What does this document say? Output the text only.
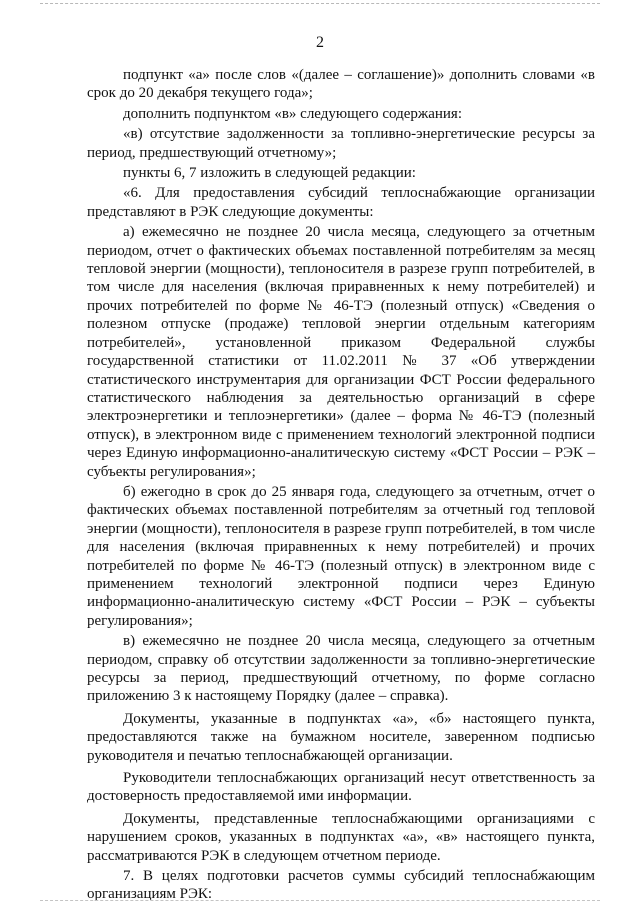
2

подпункт «а» после слов «(далее – соглашение)» дополнить словами «в срок до 20 декабря текущего года»;

дополнить подпунктом «в» следующего содержания:

«в) отсутствие задолженности за топливно-энергетические ресурсы за период, предшествующий отчетному»;

пункты 6, 7 изложить в следующей редакции:

«6. Для предоставления субсидий теплоснабжающие организации представляют в РЭК следующие документы:

а) ежемесячно не позднее 20 числа месяца, следующего за отчетным периодом, отчет о фактических объемах поставленной потребителям за месяц тепловой энергии (мощности), теплоносителя в разрезе групп потребителей, в том числе для населения (включая приравненных к нему потребителей) и прочих потребителей по форме № 46-ТЭ (полезный отпуск) «Сведения о полезном отпуске (продаже) тепловой энергии отдельным категориям потребителей», установленной приказом Федеральной службы государственной статистики от 11.02.2011 № 37 «Об утверждении статистического инструментария для организации ФСТ России федерального статистического наблюдения за деятельностью организаций в сфере электроэнергетики и теплоэнергетики» (далее – форма № 46-ТЭ (полезный отпуск), в электронном виде с применением технологий электронной подписи через Единую информационно-аналитическую систему «ФСТ России – РЭК – субъекты регулирования»;

б) ежегодно в срок до 25 января года, следующего за отчетным, отчет о фактических объемах поставленной потребителям за отчетный год тепловой энергии (мощности), теплоносителя в разрезе групп потребителей, в том числе для населения (включая приравненных к нему потребителей) и прочих потребителей по форме № 46-ТЭ (полезный отпуск) в электронном виде с применением технологий электронной подписи через Единую информационно-аналитическую систему «ФСТ России – РЭК – субъекты регулирования»;

в) ежемесячно не позднее 20 числа месяца, следующего за отчетным периодом, справку об отсутствии задолженности за топливно-энергетические ресурсы за период, предшествующий отчетному, по форме согласно приложению 3 к настоящему Порядку (далее – справка).

Документы, указанные в подпунктах «а», «б» настоящего пункта, предоставляются также на бумажном носителе, заверенном подписью руководителя и печатью теплоснабжающей организации.

Руководители теплоснабжающих организаций несут ответственность за достоверность предоставляемой ими информации.

Документы, представленные теплоснабжающими организациями с нарушением сроков, указанных в подпунктах «а», «в» настоящего пункта, рассматриваются РЭК в следующем отчетном периоде.

7. В целях подготовки расчетов суммы субсидий теплоснабжающим организациям РЭК:
